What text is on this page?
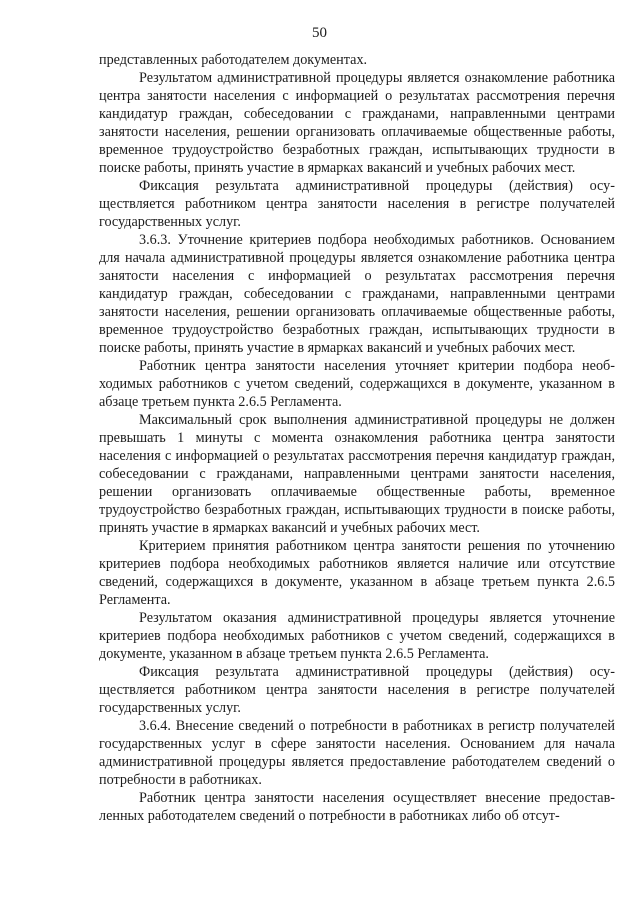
50

представленных работодателем документах.

Результатом административной процедуры является ознакомление работника центра занятости населения с информацией о результатах рассмотрения перечня кандидатур граждан, собеседовании с гражданами, направленными центрами занятости населения, решении организовать оплачиваемые общественные работы, временное трудоустройство безработных граждан, испытывающих трудности в поиске работы, принять участие в ярмарках вакансий и учебных рабочих мест.

Фиксация результата административной процедуры (действия) осуществляется работником центра занятости населения в регистре получателей государственных услуг.

3.6.3. Уточнение критериев подбора необходимых работников. Основанием для начала административной процедуры является ознакомление работника центра занятости населения с информацией о результатах рассмотрения перечня кандидатур граждан, собеседовании с гражданами, направленными центрами занятости населения, решении организовать оплачиваемые общественные работы, временное трудоустройство безработных граждан, испытывающих трудности в поиске работы, принять участие в ярмарках вакансий и учебных рабочих мест.

Работник центра занятости населения уточняет критерии подбора необходимых работников с учетом сведений, содержащихся в документе, указанном в абзаце третьем пункта 2.6.5 Регламента.

Максимальный срок выполнения административной процедуры не должен превышать 1 минуты с момента ознакомления работника центра занятости населения с информацией о результатах рассмотрения перечня кандидатур граждан, собеседовании с гражданами, направленными центрами занятости населения, решении организовать оплачиваемые общественные работы, временное трудоустройство безработных граждан, испытывающих трудности в поиске работы, принять участие в ярмарках вакансий и учебных рабочих мест.

Критерием принятия работником центра занятости решения по уточнению критериев подбора необходимых работников является наличие или отсутствие сведений, содержащихся в документе, указанном в абзаце третьем пункта 2.6.5 Регламента.

Результатом оказания административной процедуры является уточнение критериев подбора необходимых работников с учетом сведений, содержащихся в документе, указанном в абзаце третьем пункта 2.6.5 Регламента.

Фиксация результата административной процедуры (действия) осуществляется работником центра занятости населения в регистре получателей государственных услуг.

3.6.4. Внесение сведений о потребности в работниках в регистр получателей государственных услуг в сфере занятости населения. Основанием для начала административной процедуры является предоставление работодателем сведений о потребности в работниках.

Работник центра занятости населения осуществляет внесение предоставленных работодателем сведений о потребности в работниках либо об отсут-
